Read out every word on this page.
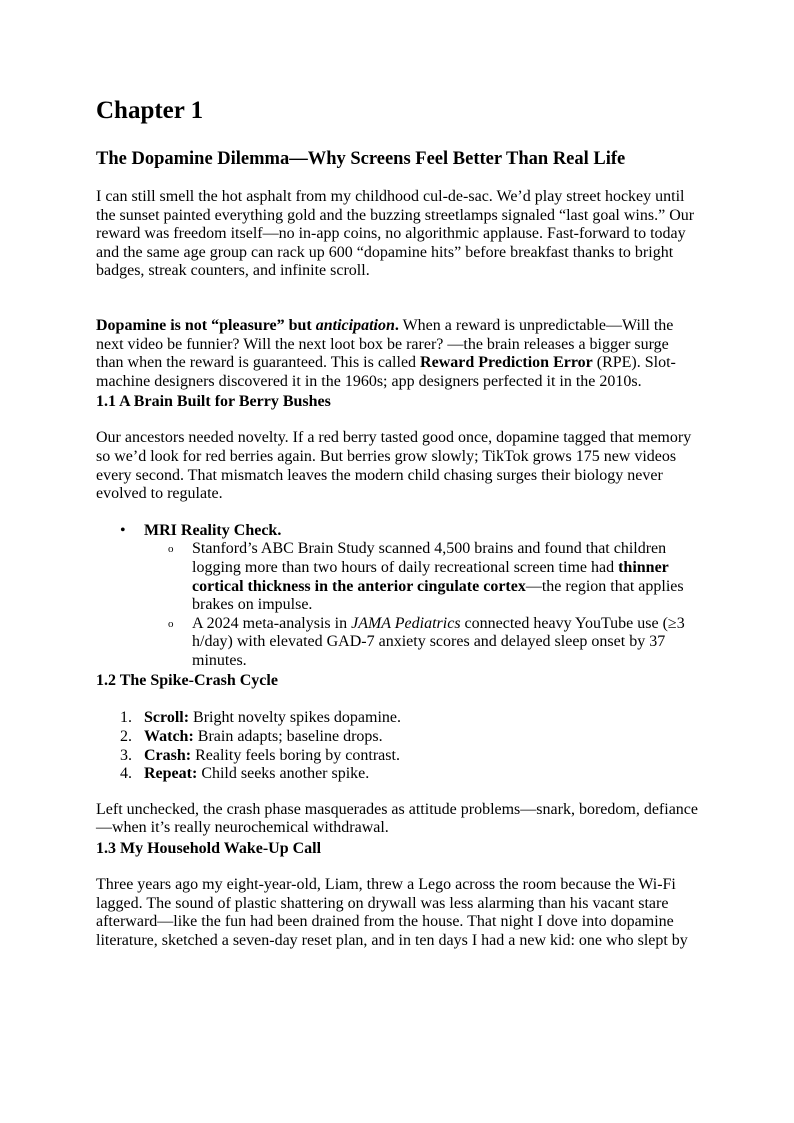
Chapter 1
The Dopamine Dilemma—Why Screens Feel Better Than Real Life

I can still smell the hot asphalt from my childhood cul-de-sac. We’d play street hockey until the sunset painted everything gold and the buzzing streetlamps signaled “last goal wins.” Our reward was freedom itself—no in-app coins, no algorithmic applause. Fast-forward to today and the same age group can rack up 600 “dopamine hits” before breakfast thanks to bright badges, streak counters, and infinite scroll.

Dopamine is not “pleasure” but anticipation. When a reward is unpredictable—Will the next video be funnier? Will the next loot box be rarer? —the brain releases a bigger surge than when the reward is guaranteed. This is called Reward Prediction Error (RPE). Slot-machine designers discovered it in the 1960s; app designers perfected it in the 2010s.

1.1 A Brain Built for Berry Bushes

Our ancestors needed novelty. If a red berry tasted good once, dopamine tagged that memory so we’d look for red berries again. But berries grow slowly; TikTok grows 175 new videos every second. That mismatch leaves the modern child chasing surges their biology never evolved to regulate.

• MRI Reality Check.
o Stanford’s ABC Brain Study scanned 4,500 brains and found that children logging more than two hours of daily recreational screen time had thinner cortical thickness in the anterior cingulate cortex—the region that applies brakes on impulse.
o A 2024 meta-analysis in JAMA Pediatrics connected heavy YouTube use (≥3 h/day) with elevated GAD-7 anxiety scores and delayed sleep onset by 37 minutes.
1.2 The Spike-Crash Cycle
1. Scroll: Bright novelty spikes dopamine.
2. Watch: Brain adapts; baseline drops.
3. Crash: Reality feels boring by contrast.
4. Repeat: Child seeks another spike.

Left unchecked, the crash phase masquerades as attitude problems—snark, boredom, defiance—when it’s really neurochemical withdrawal.

1.3 My Household Wake-Up Call

Three years ago my eight-year-old, Liam, threw a Lego across the room because the Wi-Fi lagged. The sound of plastic shattering on drywall was less alarming than his vacant stare afterward—like the fun had been drained from the house. That night I dove into dopamine literature, sketched a seven-day reset plan, and in ten days I had a new kid: one who slept by
